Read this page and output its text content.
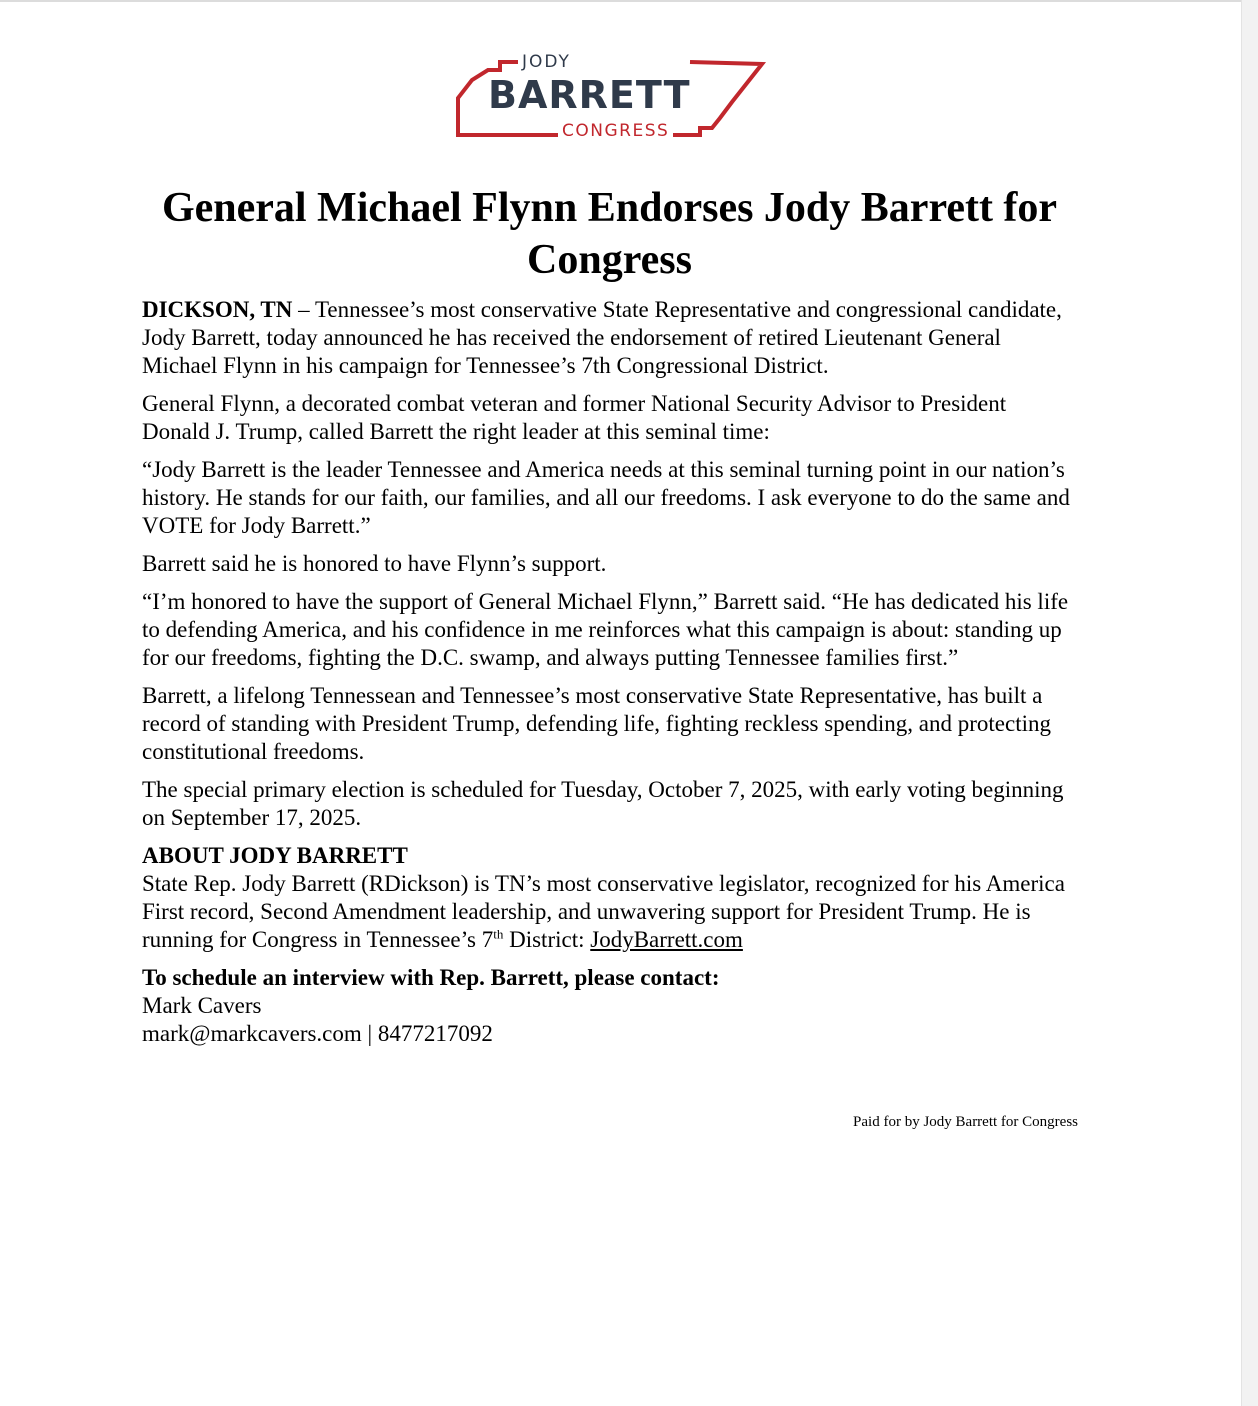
JODY
BARRETT
CONGRESS
General Michael Flynn Endorses Jody Barrett for Congress

DICKSON, TN – Tennessee’s most conservative State Representative and congressional candidate, Jody Barrett, today announced he has received the endorsement of retired Lieutenant General Michael Flynn in his campaign for Tennessee’s 7th Congressional District.

General Flynn, a decorated combat veteran and former National Security Advisor to President Donald J. Trump, called Barrett the right leader at this seminal time:

“Jody Barrett is the leader Tennessee and America needs at this seminal turning point in our nation’s history. He stands for our faith, our families, and all our freedoms. I ask everyone to do the same and VOTE for Jody Barrett.”

Barrett said he is honored to have Flynn’s support.

“I’m honored to have the support of General Michael Flynn,” Barrett said. “He has dedicated his life to defending America, and his confidence in me reinforces what this campaign is about: standing up for our freedoms, fighting the D.C. swamp, and always putting Tennessee families first.”

Barrett, a lifelong Tennessean and Tennessee’s most conservative State Representative, has built a record of standing with President Trump, defending life, fighting reckless spending, and protecting constitutional freedoms.

The special primary election is scheduled for Tuesday, October 7, 2025, with early voting beginning on September 17, 2025.

ABOUT JODY BARRETT
State Rep. Jody Barrett (RDickson) is TN’s most conservative legislator, recognized for his America First record, Second Amendment leadership, and unwavering support for President Trump. He is running for Congress in Tennessee’s 7th District: JodyBarrett.com

To schedule an interview with Rep. Barrett, please contact:
Mark Cavers
mark@markcavers.com | 8477217092

Paid for by Jody Barrett for Congress
